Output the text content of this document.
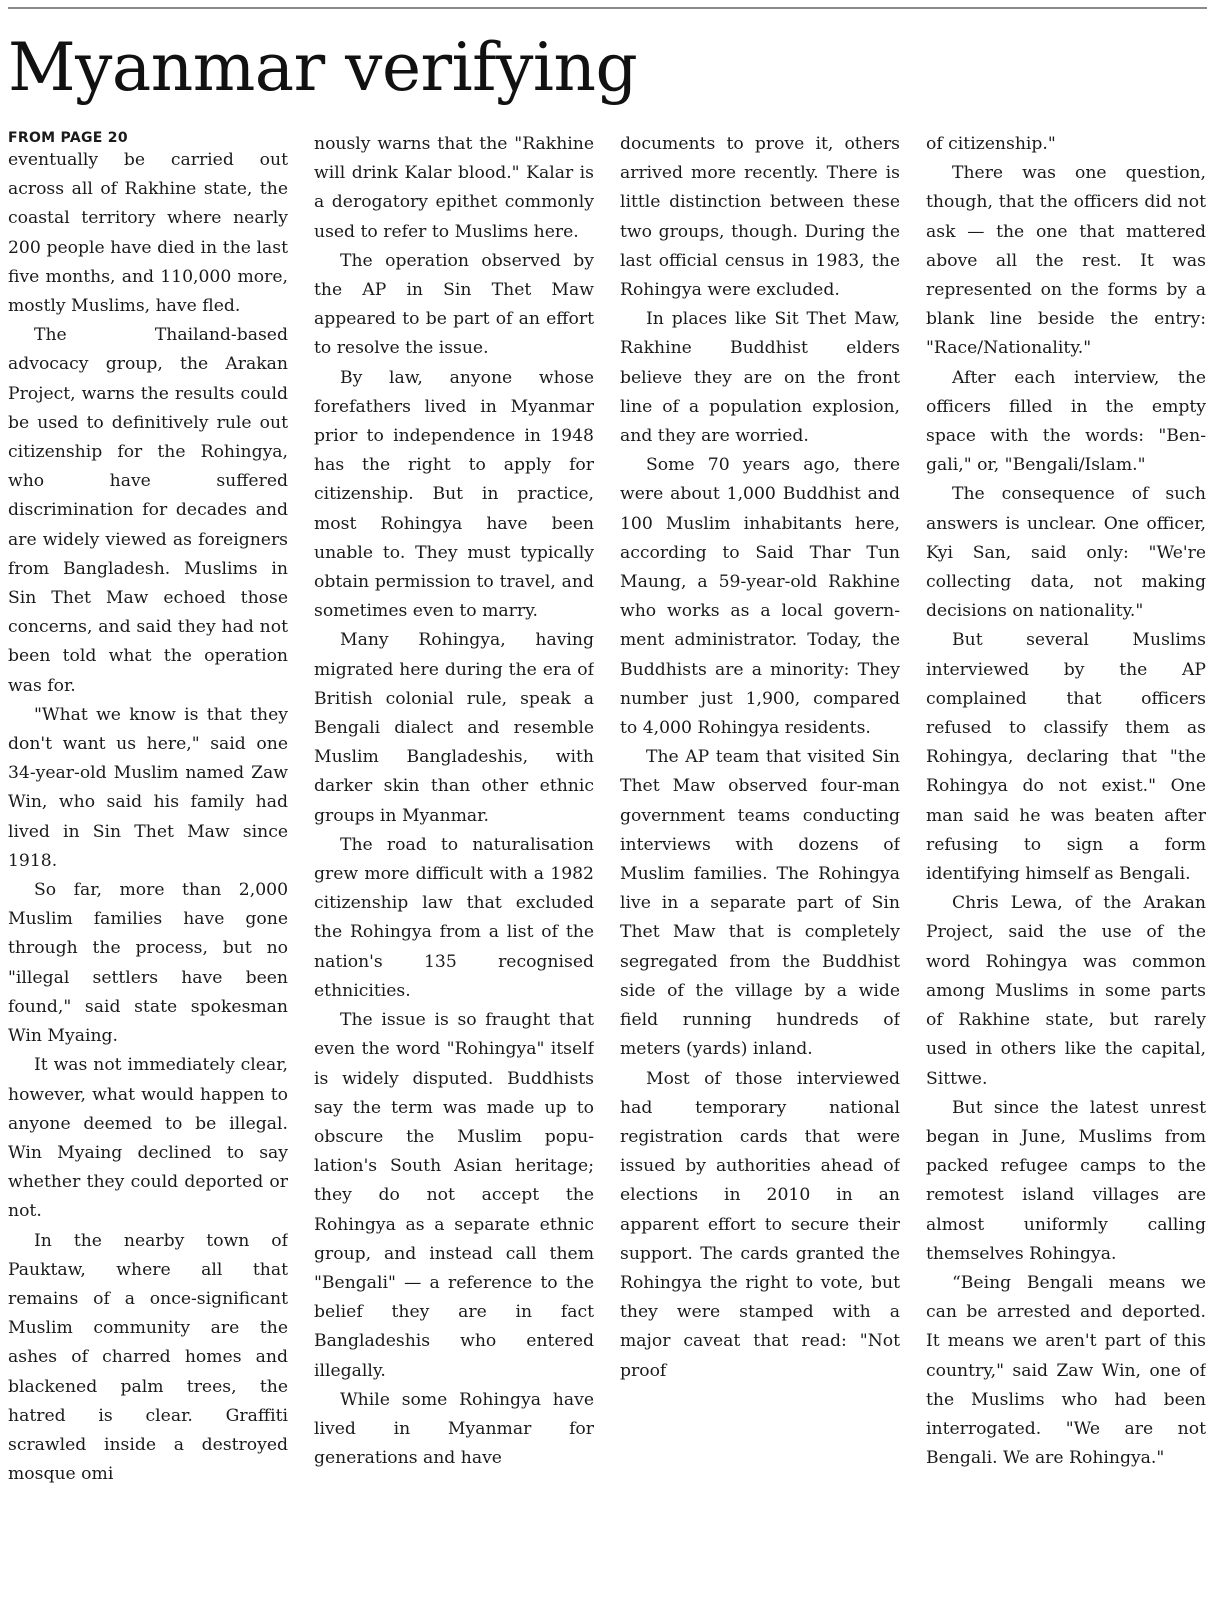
Myanmar verifying
FROM PAGE 20

eventually be carried out across all of Rakhine state, the coastal territory where nearly 200 people have died in the last five months, and 110,000 more, mostly Muslims, have fled.

The Thailand-based advocacy group, the Arakan Project, warns the results could be used to definitively rule out citizenship for the Rohingya, who have suffered discrimination for decades and are widely viewed as foreigners from Bangladesh. Muslims in Sin Thet Maw echoed those concerns, and said they had not been told what the operation was for.

"What we know is that they don't want us here," said one 34-year-old Muslim named Zaw Win, who said his family had lived in Sin Thet Maw since 1918.

So far, more than 2,000 Muslim families have gone through the process, but no "illegal settlers have been found," said state spokesman Win Myaing.

It was not immediately clear, however, what would happen to anyone deemed to be illegal. Win Myaing declined to say whether they could deported or not.

In the nearby town of Pauktaw, where all that remains of a once-significant Muslim community are the ashes of charred homes and blackened palm trees, the hatred is clear. Graffiti scrawled inside a destroyed mosque omi

nously warns that the "Rakhine will drink Kalar blood." Kalar is a derogatory epithet commonly used to refer to Muslims here.

The operation observed by the AP in Sin Thet Maw appeared to be part of an effort to resolve the issue.

By law, anyone whose forefathers lived in Myanmar prior to independence in 1948 has the right to apply for citizenship. But in practice, most Rohingya have been unable to. They must typically obtain permission to travel, and sometimes even to marry.

Many Rohingya, having migrated here during the era of British colonial rule, speak a Bengali dialect and resemble Muslim Bangladeshis, with darker skin than other ethnic groups in Myanmar.

The road to naturalisation grew more difficult with a 1982 citizenship law that excluded the Rohingya from a list of the nation's 135 recognised ethnicities.

The issue is so fraught that even the word "Rohingya" itself is widely disputed. Buddhists say the term was made up to obscure the Muslim population's South Asian heritage; they do not accept the Rohingya as a separate ethnic group, and instead call them "Bengali" — a reference to the belief they are in fact Bangladeshis who entered illegally.

While some Rohingya have lived in Myanmar for generations and have

documents to prove it, others arrived more recently. There is little distinction between these two groups, though. During the last official census in 1983, the Rohingya were excluded.

In places like Sit Thet Maw, Rakhine Buddhist elders believe they are on the front line of a population explosion, and they are worried.

Some 70 years ago, there were about 1,000 Buddhist and 100 Muslim inhabitants here, according to Said Thar Tun Maung, a 59-year-old Rakhine who works as a local government administrator. Today, the Buddhists are a minority: They number just 1,900, compared to 4,000 Rohingya residents.

The AP team that visited Sin Thet Maw observed four-man government teams conducting interviews with dozens of Muslim families. The Rohingya live in a separate part of Sin Thet Maw that is completely segregated from the Buddhist side of the village by a wide field running hundreds of meters (yards) inland.

Most of those interviewed had temporary national registration cards that were issued by authorities ahead of elections in 2010 in an apparent effort to secure their support. The cards granted the Rohingya the right to vote, but they were stamped with a major caveat that read: "Not proof

of citizenship."

There was one question, though, that the officers did not ask — the one that mattered above all the rest. It was represented on the forms by a blank line beside the entry: "Race/Nationality."

After each interview, the officers filled in the empty space with the words: "Bengali," or, "Bengali/Islam."

The consequence of such answers is unclear. One officer, Kyi San, said only: "We're collecting data, not making decisions on nationality."

But several Muslims interviewed by the AP complained that officers refused to classify them as Rohingya, declaring that "the Rohingya do not exist." One man said he was beaten after refusing to sign a form identifying himself as Bengali.

Chris Lewa, of the Arakan Project, said the use of the word Rohingya was common among Muslims in some parts of Rakhine state, but rarely used in others like the capital, Sittwe.

But since the latest unrest began in June, Muslims from packed refugee camps to the remotest island villages are almost uniformly calling themselves Rohingya.

“Being Bengali means we can be arrested and deported. It means we aren't part of this country," said Zaw Win, one of the Muslims who had been interrogated. "We are not Bengali. We are Rohingya."
